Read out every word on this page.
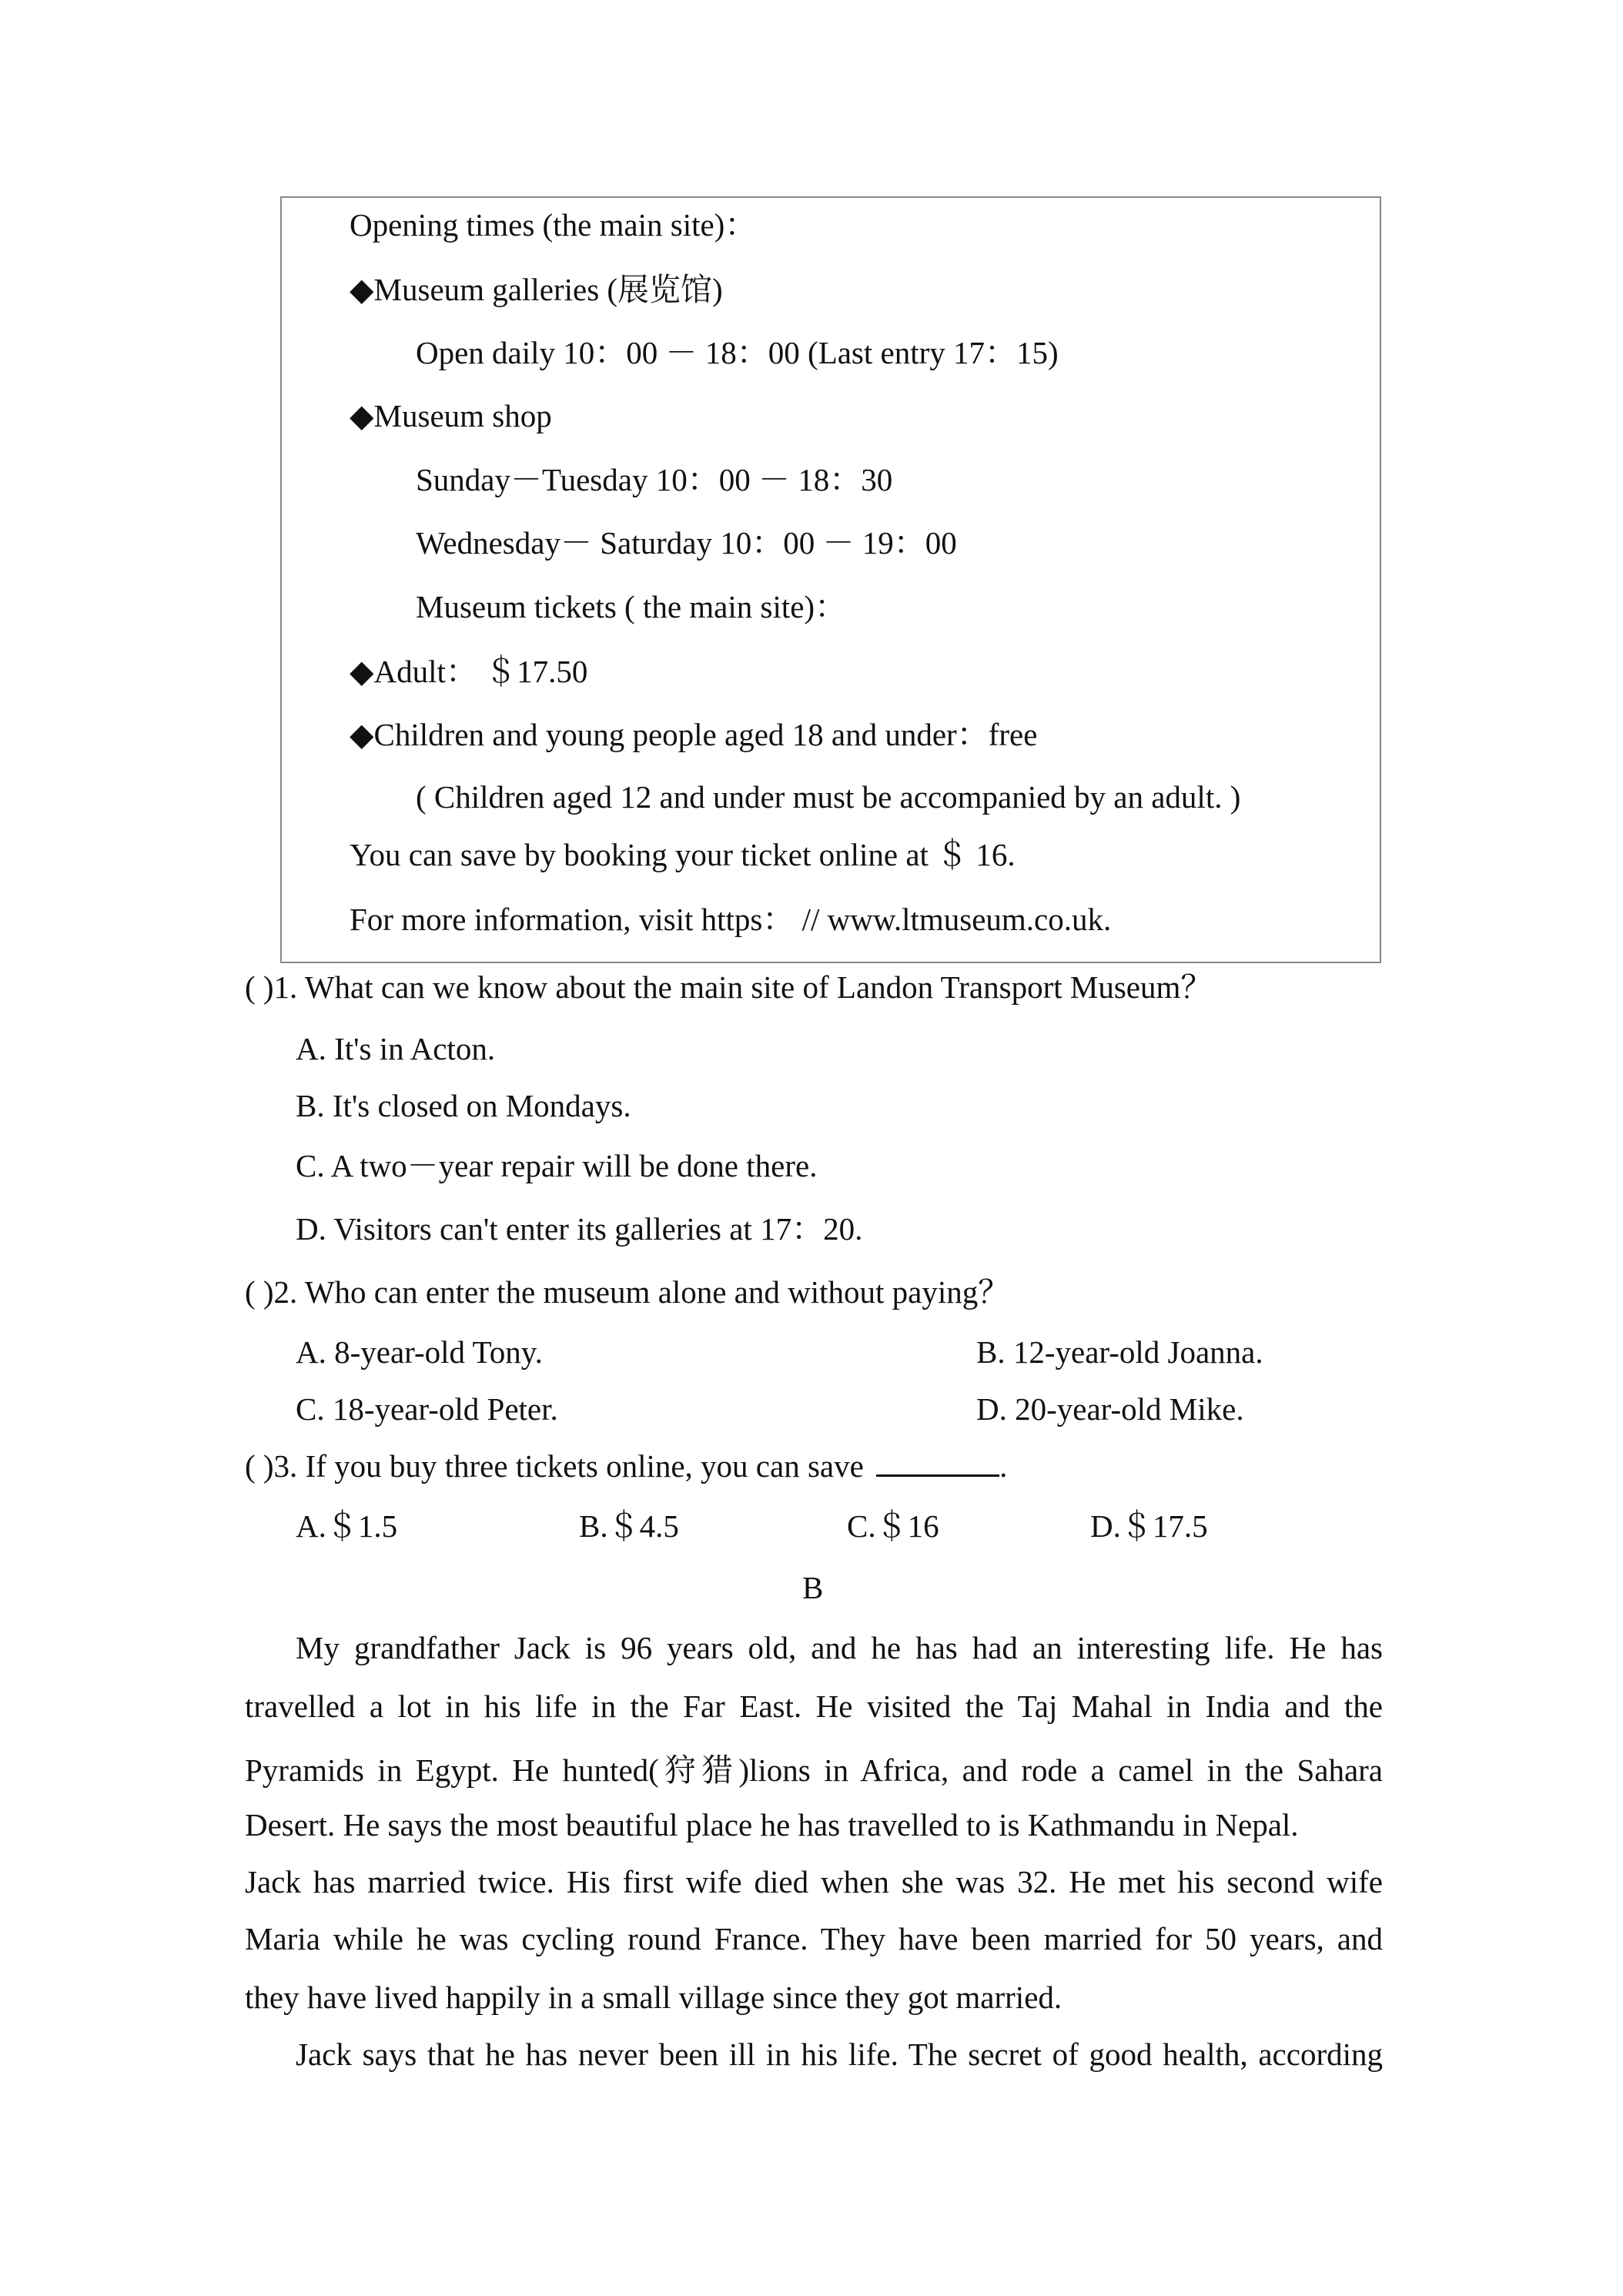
Opening times (the main site)：
◆Museum galleries (展览馆)
Open daily 10：00 － 18：00 (Last entry 17：15)
◆Museum shop
Sunday－Tuesday 10：00 － 18：30
Wednesday－ Saturday 10：00 － 19：00
Museum tickets ( the main site)：
◆Adult： ＄17.50
◆Children and young people aged 18 and under：free
( Children aged 12 and under must be accompanied by an adult. )
You can save by booking your ticket online at ＄ 16.
For more information, visit https： // www.ltmuseum.co.uk.
( )1. What can we know about the main site of Landon Transport Museum？
A. It's in Acton.
B. It's closed on Mondays.
C. A two－year repair will be done there.
D. Visitors can't enter its galleries at 17：20.
( )2. Who can enter the museum alone and without paying？
A. 8-year-old Tony.	B. 12-year-old Joanna.
C. 18-year-old Peter.	D. 20-year-old Mike.
( )3. If you buy three tickets online, you can save	.
A.＄1.5	B.＄4.5	C.＄16	D.＄17.5
B
My grandfather Jack is 96 years old, and he has had an interesting life. He has
travelled a lot in his life in the Far East. He visited the Taj Mahal in India and the
Pyramids in Egypt. He hunted(狩猎)lions in Africa, and rode a camel in the Sahara
Desert. He says the most beautiful place he has travelled to is Kathmandu in Nepal.
Jack has married twice. His first wife died when she was 32. He met his second wife
Maria while he was cycling round France. They have been married for 50 years, and
they have lived happily in a small village since they got married.
Jack says that he has never been ill in his life. The secret of good health, according
